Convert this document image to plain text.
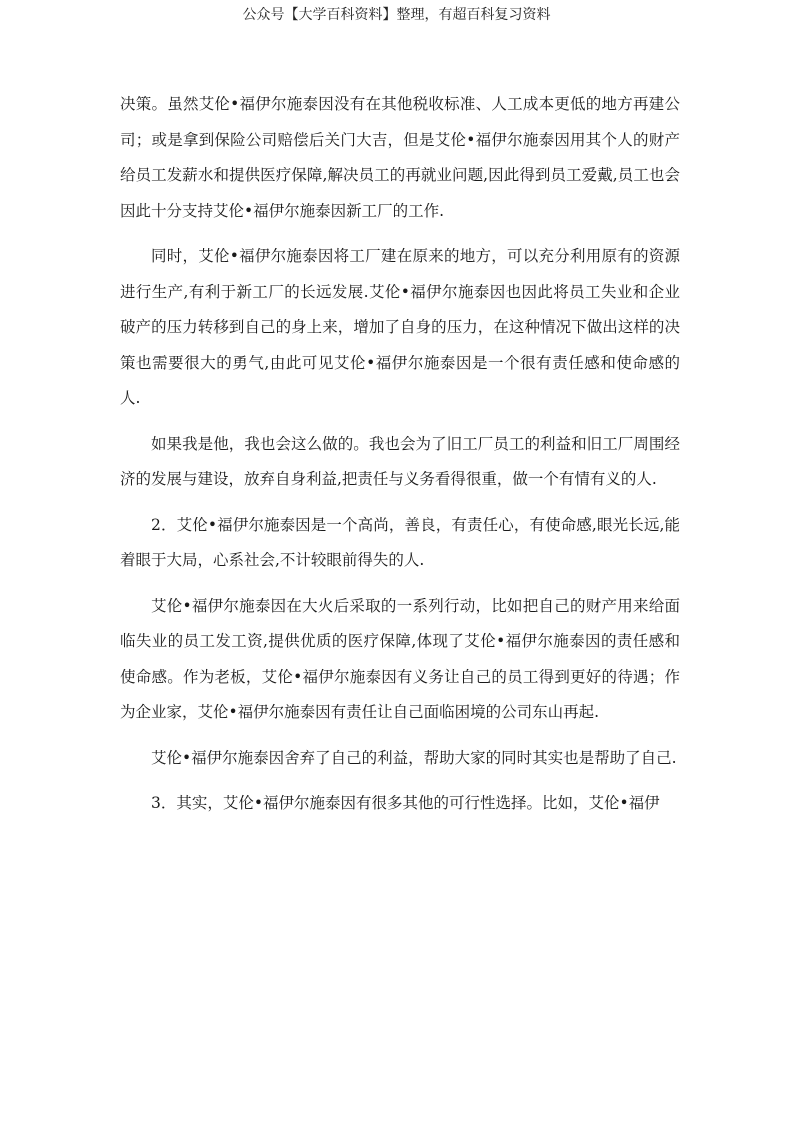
公众号【大学百科资料】整理，有超百科复习资料

决策。虽然艾伦•福伊尔施泰因没有在其他税收标准、人工成本更低的地方再建公司；或是拿到保险公司赔偿后关门大吉，但是艾伦•福伊尔施泰因用其个人的财产给员工发薪水和提供医疗保障,解决员工的再就业问题,因此得到员工爱戴,员工也会因此十分支持艾伦•福伊尔施泰因新工厂的工作.

同时，艾伦•福伊尔施泰因将工厂建在原来的地方，可以充分利用原有的资源进行生产,有利于新工厂的长远发展.艾伦•福伊尔施泰因也因此将员工失业和企业破产的压力转移到自己的身上来，增加了自身的压力，在这种情况下做出这样的决策也需要很大的勇气,由此可见艾伦•福伊尔施泰因是一个很有责任感和使命感的人.

如果我是他，我也会这么做的。我也会为了旧工厂员工的利益和旧工厂周围经济的发展与建设，放弃自身利益,把责任与义务看得很重，做一个有情有义的人.

2．艾伦•福伊尔施泰因是一个高尚，善良，有责任心，有使命感,眼光长远,能着眼于大局，心系社会,不计较眼前得失的人.

艾伦•福伊尔施泰因在大火后采取的一系列行动，比如把自己的财产用来给面临失业的员工发工资,提供优质的医疗保障,体现了艾伦•福伊尔施泰因的责任感和使命感。作为老板，艾伦•福伊尔施泰因有义务让自己的员工得到更好的待遇；作为企业家，艾伦•福伊尔施泰因有责任让自己面临困境的公司东山再起.

艾伦•福伊尔施泰因舍弃了自己的利益，帮助大家的同时其实也是帮助了自己.

3．其实，艾伦•福伊尔施泰因有很多其他的可行性选择。比如，艾伦•福伊
